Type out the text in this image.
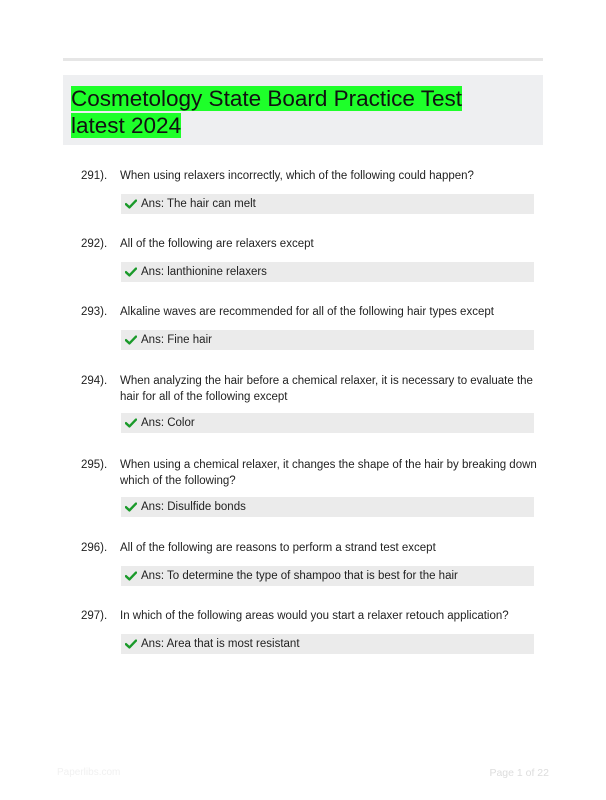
Cosmetology State Board Practice Test latest 2024
291). When using relaxers incorrectly, which of the following could happen?
Ans: The hair can melt
292). All of the following are relaxers except
Ans: lanthionine relaxers
293). Alkaline waves are recommended for all of the following hair types except
Ans: Fine hair
294). When analyzing the hair before a chemical relaxer, it is necessary to evaluate the hair for all of the following except
Ans: Color
295). When using a chemical relaxer, it changes the shape of the hair by breaking down which of the following?
Ans: Disulfide bonds
296). All of the following are reasons to perform a strand test except
Ans: To determine the type of shampoo that is best for the hair
297). In which of the following areas would you start a relaxer retouch application?
Ans: Area that is most resistant
Paperlibs.com	Page 1 of 22
